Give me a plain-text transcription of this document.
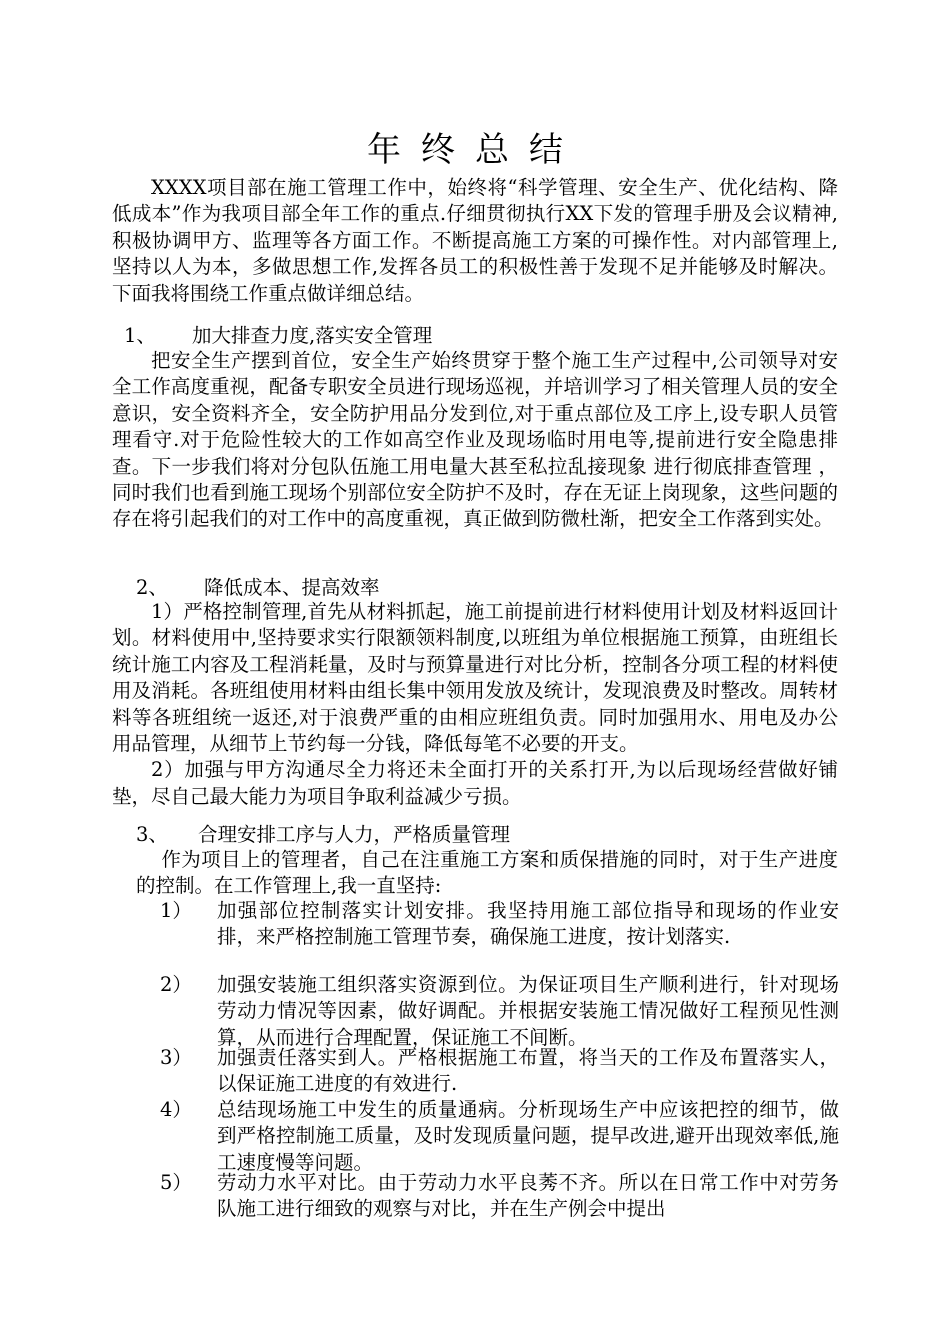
年终总结

XXXX项目部在施工管理工作中，始终将“科学管理、安全生产、优化结构、降低成本”作为我项目部全年工作的重点.仔细贯彻执行XX下发的管理手册及会议精神,积极协调甲方、监理等各方面工作。不断提高施工方案的可操作性。对内部管理上,坚持以人为本，多做思想工作,发挥各员工的积极性善于发现不足并能够及时解决。下面我将围绕工作重点做详细总结。

1、 加大排查力度,落实安全管理

把安全生产摆到首位，安全生产始终贯穿于整个施工生产过程中,公司领导对安全工作高度重视，配备专职安全员进行现场巡视，并培训学习了相关管理人员的安全意识，安全资料齐全，安全防护用品分发到位,对于重点部位及工序上,设专职人员管理看守.对于危险性较大的工作如高空作业及现场临时用电等,提前进行安全隐患排查。下一步我们将对分包队伍施工用电量大甚至私拉乱接现象 进行彻底排查管理 ，同时我们也看到施工现场个别部位安全防护不及时，存在无证上岗现象，这些问题的存在将引起我们的对工作中的高度重视，真正做到防微杜渐，把安全工作落到实处。

2、 降低成本、提高效率

1）严格控制管理,首先从材料抓起，施工前提前进行材料使用计划及材料返回计划。材料使用中,坚持要求实行限额领料制度,以班组为单位根据施工预算，由班组长统计施工内容及工程消耗量，及时与预算量进行对比分析，控制各分项工程的材料使用及消耗。各班组使用材料由组长集中领用发放及统计，发现浪费及时整改。周转材料等各班组统一返还,对于浪费严重的由相应班组负责。同时加强用水、用电及办公用品管理，从细节上节约每一分钱，降低每笔不必要的开支。

2）加强与甲方沟通尽全力将还未全面打开的关系打开,为以后现场经营做好铺垫，尽自己最大能力为项目争取利益减少亏损。

3、 合理安排工序与人力，严格质量管理

作为项目上的管理者，自己在注重施工方案和质保措施的同时，对于生产进度的控制。在工作管理上,我一直坚持:

1） 加强部位控制落实计划安排。我坚持用施工部位指导和现场的作业安排，来严格控制施工管理节奏，确保施工进度，按计划落实.
2） 加强安装施工组织落实资源到位。为保证项目生产顺利进行，针对现场劳动力情况等因素，做好调配。并根据安装施工情况做好工程预见性测算，从而进行合理配置，保证施工不间断。
3） 加强责任落实到人。严格根据施工布置，将当天的工作及布置落实人，以保证施工进度的有效进行.
4） 总结现场施工中发生的质量通病。分析现场生产中应该把控的细节，做到严格控制施工质量，及时发现质量问题，提早改进,避开出现效率低,施工速度慢等问题。
5） 劳动力水平对比。由于劳动力水平良莠不齐。所以在日常工作中对劳务队施工进行细致的观察与对比，并在生产例会中提出
